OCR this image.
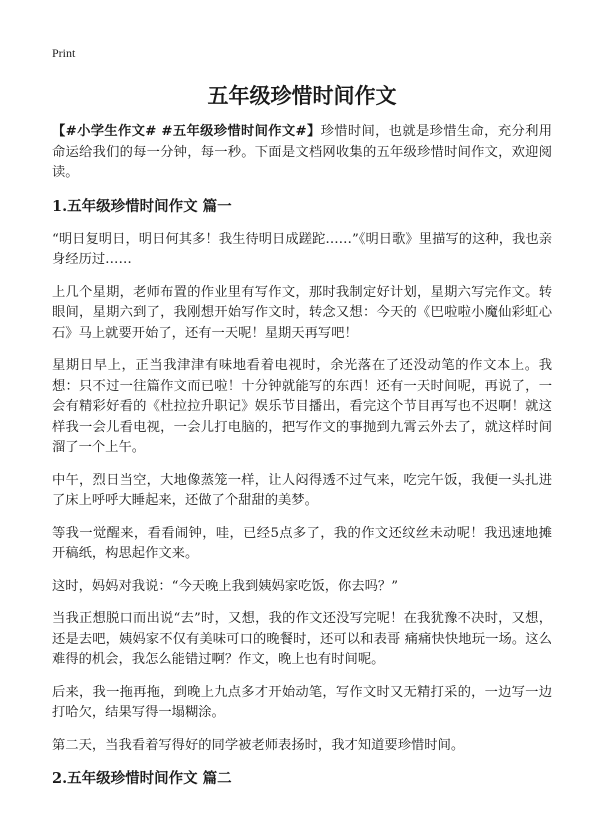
Print
五年级珍惜时间作文

【#小学生作文# #五年级珍惜时间作文#】珍惜时间，也就是珍惜生命，充分利用命运给我们的每一分钟，每一秒。下面是文档网收集的五年级珍惜时间作文，欢迎阅读。

1.五年级珍惜时间作文 篇一

“明日复明日，明日何其多！我生待明日成蹉跎……”《明日歌》里描写的这种，我也亲身经历过……

上几个星期，老师布置的作业里有写作文，那时我制定好计划，星期六写完作文。转眼间，星期六到了，我刚想开始写作文时，转念又想：今天的《巴啦啦小魔仙彩虹心石》马上就要开始了，还有一天呢！星期天再写吧！

星期日早上，正当我津津有味地看着电视时，余光落在了还没动笔的作文本上。我想：只不过一往篇作文而已啦！十分钟就能写的东西！还有一天时间呢，再说了，一会有精彩好看的《杜拉拉升职记》娱乐节目播出，看完这个节目再写也不迟啊！就这样我一会儿看电视，一会儿打电脑的，把写作文的事抛到九霄云外去了，就这样时间溜了一个上午。

中午，烈日当空，大地像蒸笼一样，让人闷得透不过气来，吃完午饭，我便一头扎进了床上呼呼大睡起来，还做了个甜甜的美梦。

等我一觉醒来，看看闹钟，哇，已经5点多了，我的作文还纹丝未动呢！我迅速地摊开稿纸，构思起作文来。

这时，妈妈对我说：“今天晚上我到姨妈家吃饭，你去吗？”

当我正想脱口而出说“去”时，又想，我的作文还没写完呢！在我犹豫不决时，又想，还是去吧，姨妈家不仅有美味可口的晚餐时，还可以和表哥 痛痛快快地玩一场。这么难得的机会，我怎么能错过啊？作文，晚上也有时间呢。

后来，我一拖再拖，到晚上九点多才开始动笔，写作文时又无精打采的，一边写一边打哈欠，结果写得一塌糊涂。

第二天，当我看着写得好的同学被老师表扬时，我才知道要珍惜时间。

2.五年级珍惜时间作文 篇二
